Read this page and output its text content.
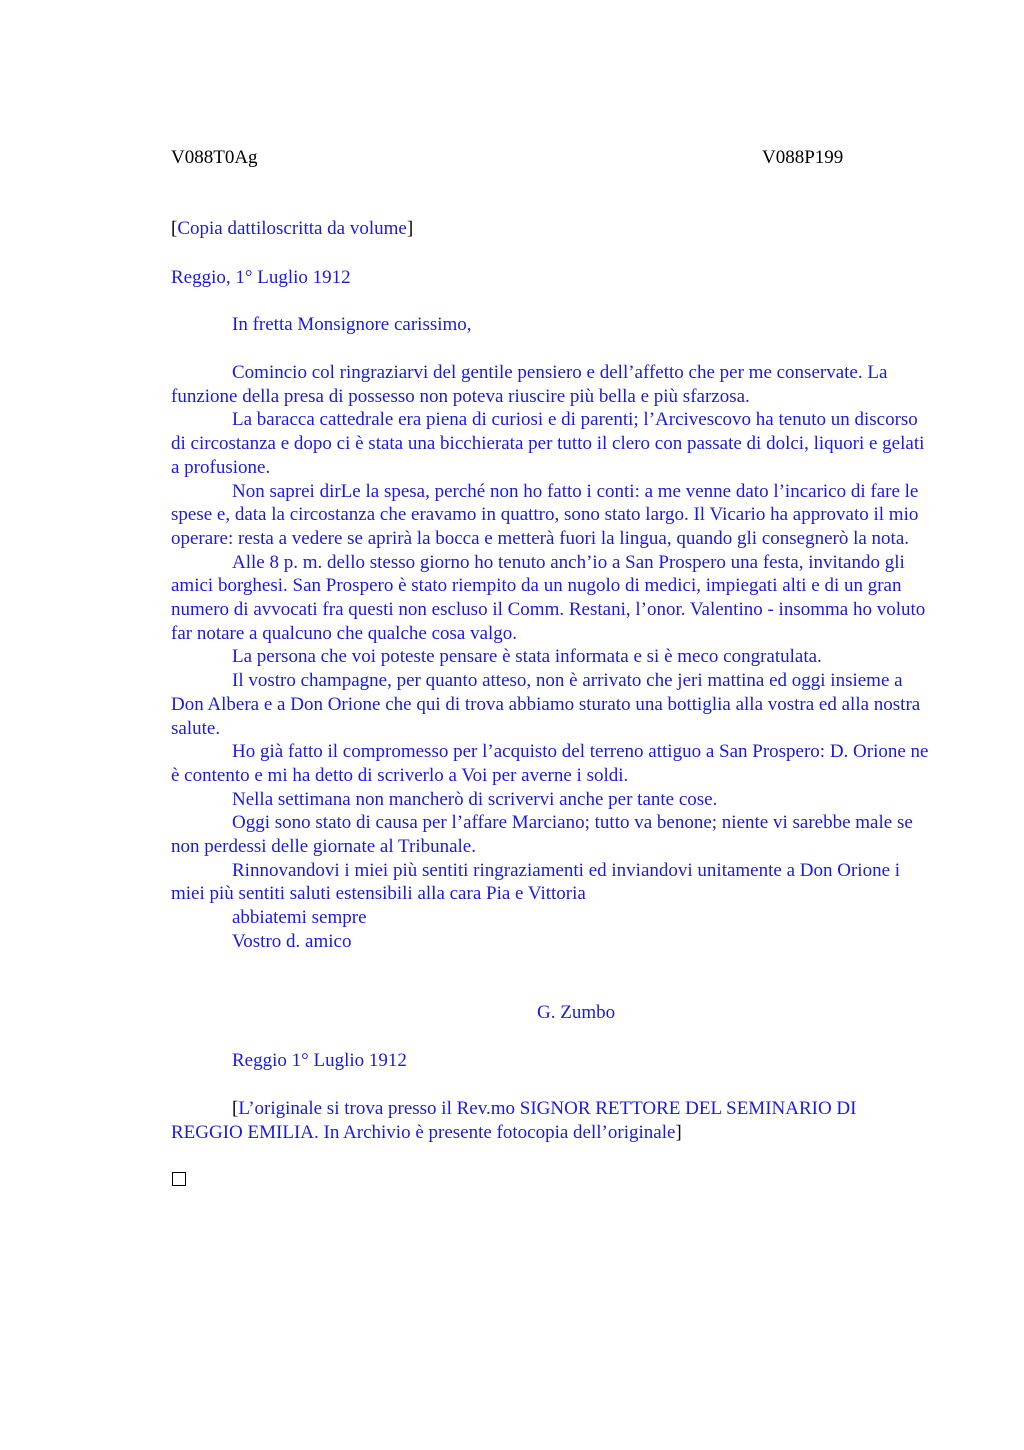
V088T0Ag	V088P199
[Copia dattiloscritta da volume]
Reggio, 1° Luglio 1912
In fretta Monsignore carissimo,

Comincio col ringraziarvi del gentile pensiero e dell’affetto che per me conservate. La funzione della presa di possesso non poteva riuscire più bella e più sfarzosa.

La baracca cattedrale era piena di curiosi e di parenti; l’Arcivescovo ha tenuto un discorso di circostanza e dopo ci è stata una bicchierata per tutto il clero con passate di dolci, liquori e gelati a profusione.

Non saprei dirLe la spesa, perché non ho fatto i conti: a me venne dato l’incarico di fare le spese e, data la circostanza che eravamo in quattro, sono stato largo. Il Vicario ha approvato il mio operare: resta a vedere se aprirà la bocca e metterà fuori la lingua, quando gli consegnerò la nota.

Alle 8 p. m. dello stesso giorno ho tenuto anch’io a San Prospero una festa, invitando gli amici borghesi. San Prospero è stato riempito da un nugolo di medici, impiegati alti e di un gran numero di avvocati fra questi non escluso il Comm. Restani, l’onor. Valentino - insomma ho voluto far notare a qualcuno che qualche cosa valgo.

La persona che voi poteste pensare è stata informata e si è meco congratulata.

Il vostro champagne, per quanto atteso, non è arrivato che jeri mattina ed oggi insieme a Don Albera e a Don Orione che qui di trova abbiamo sturato una bottiglia alla vostra ed alla nostra salute.

Ho già fatto il compromesso per l’acquisto del terreno attiguo a San Prospero: D. Orione ne è contento e mi ha detto di scriverlo a Voi per averne i soldi.

Nella settimana non mancherò di scrivervi anche per tante cose.

Oggi sono stato di causa per l’affare Marciano; tutto va benone; niente vi sarebbe male se non perdessi delle giornate al Tribunale.

Rinnovandovi i miei più sentiti ringraziamenti ed inviandovi unitamente a Don Orione i miei più sentiti saluti estensibili alla cara Pia e Vittoria

abbiatemi sempre

Vostro d. amico

G. Zumbo
Reggio 1° Luglio 1912

[L’originale si trova presso il Rev.mo SIGNOR RETTORE DEL SEMINARIO DI REGGIO EMILIA. In Archivio è presente fotocopia dell’originale]
